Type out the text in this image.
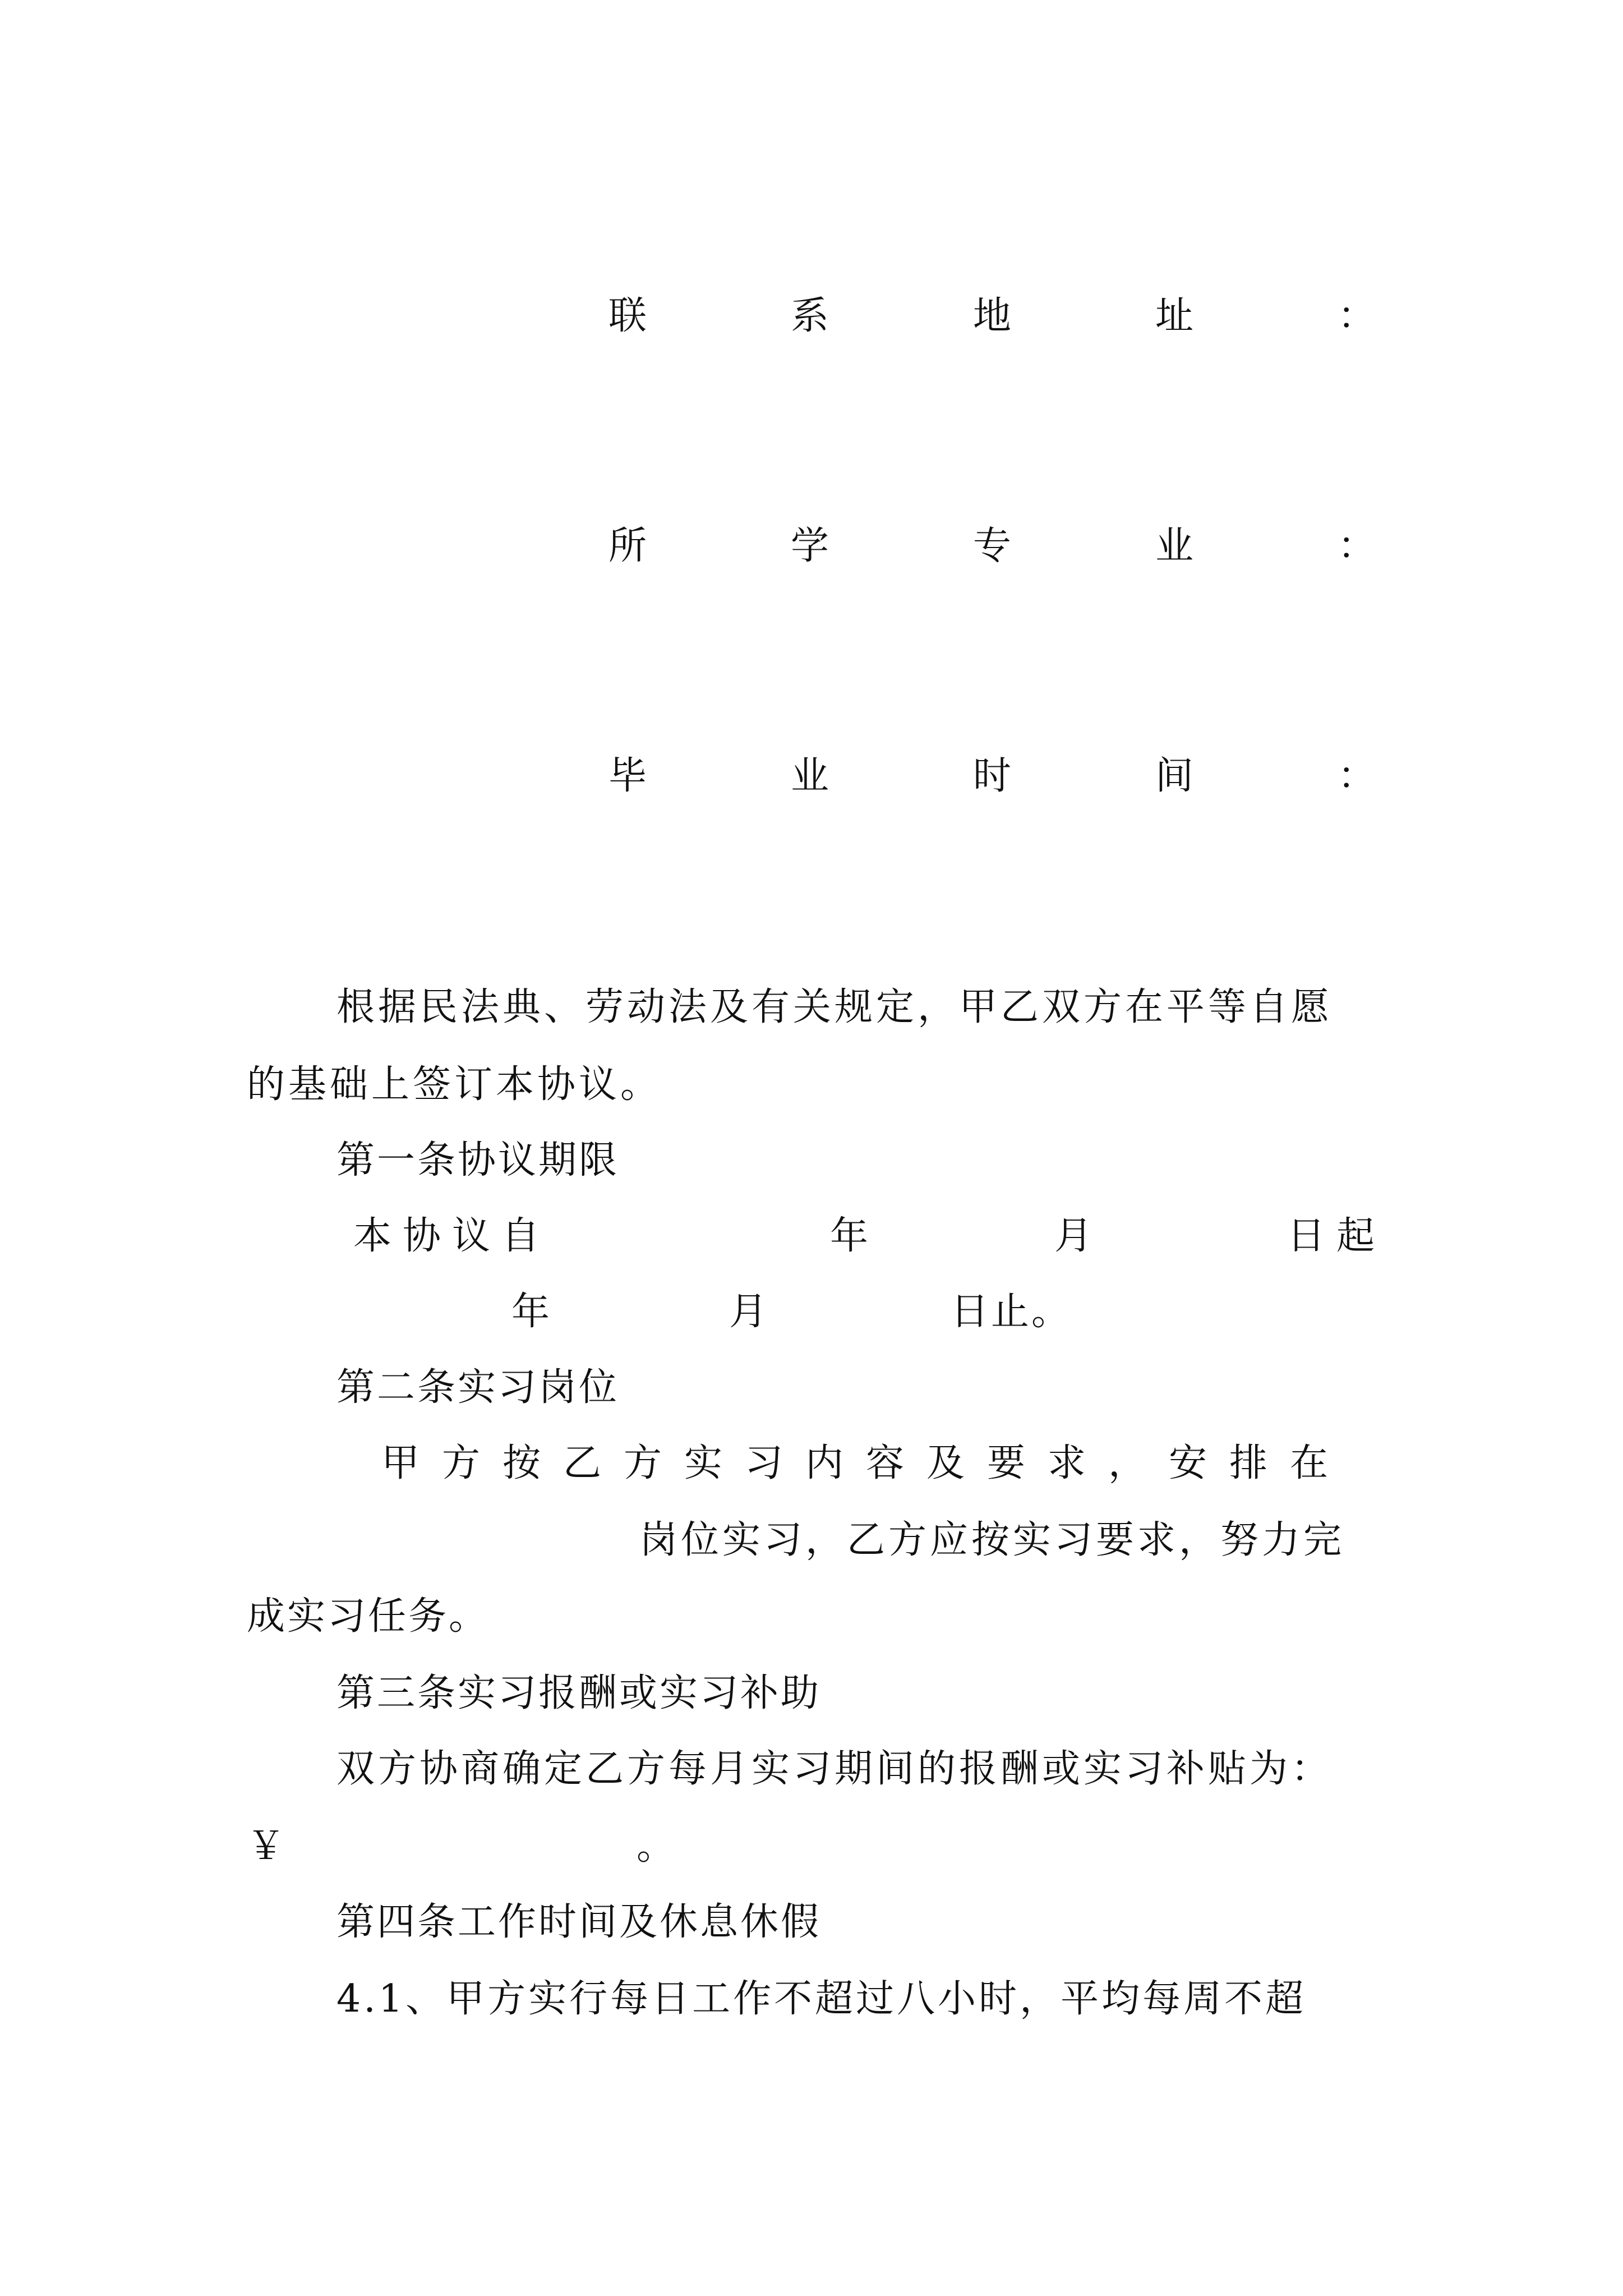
联	系	地	址	：
所	学	专	业	：
毕	业	时	间	：
根据民法典、劳动法及有关规定，甲乙双方在平等自愿
的基础上签订本协议。
第一条协议期限
本协议自	年	月	日起
年	月	日止。
第二条实习岗位
甲 方 按 乙 方 实 习 内 容 及 要 求 ， 安 排 在
岗位实习，乙方应按实习要求，努力完
成实习任务。
第三条实习报酬或实习补助
双方协商确定乙方每月实习期间的报酬或实习补贴为：
￥	。
第四条工作时间及休息休假
4.1、甲方实行每日工作不超过八小时，平均每周不超
